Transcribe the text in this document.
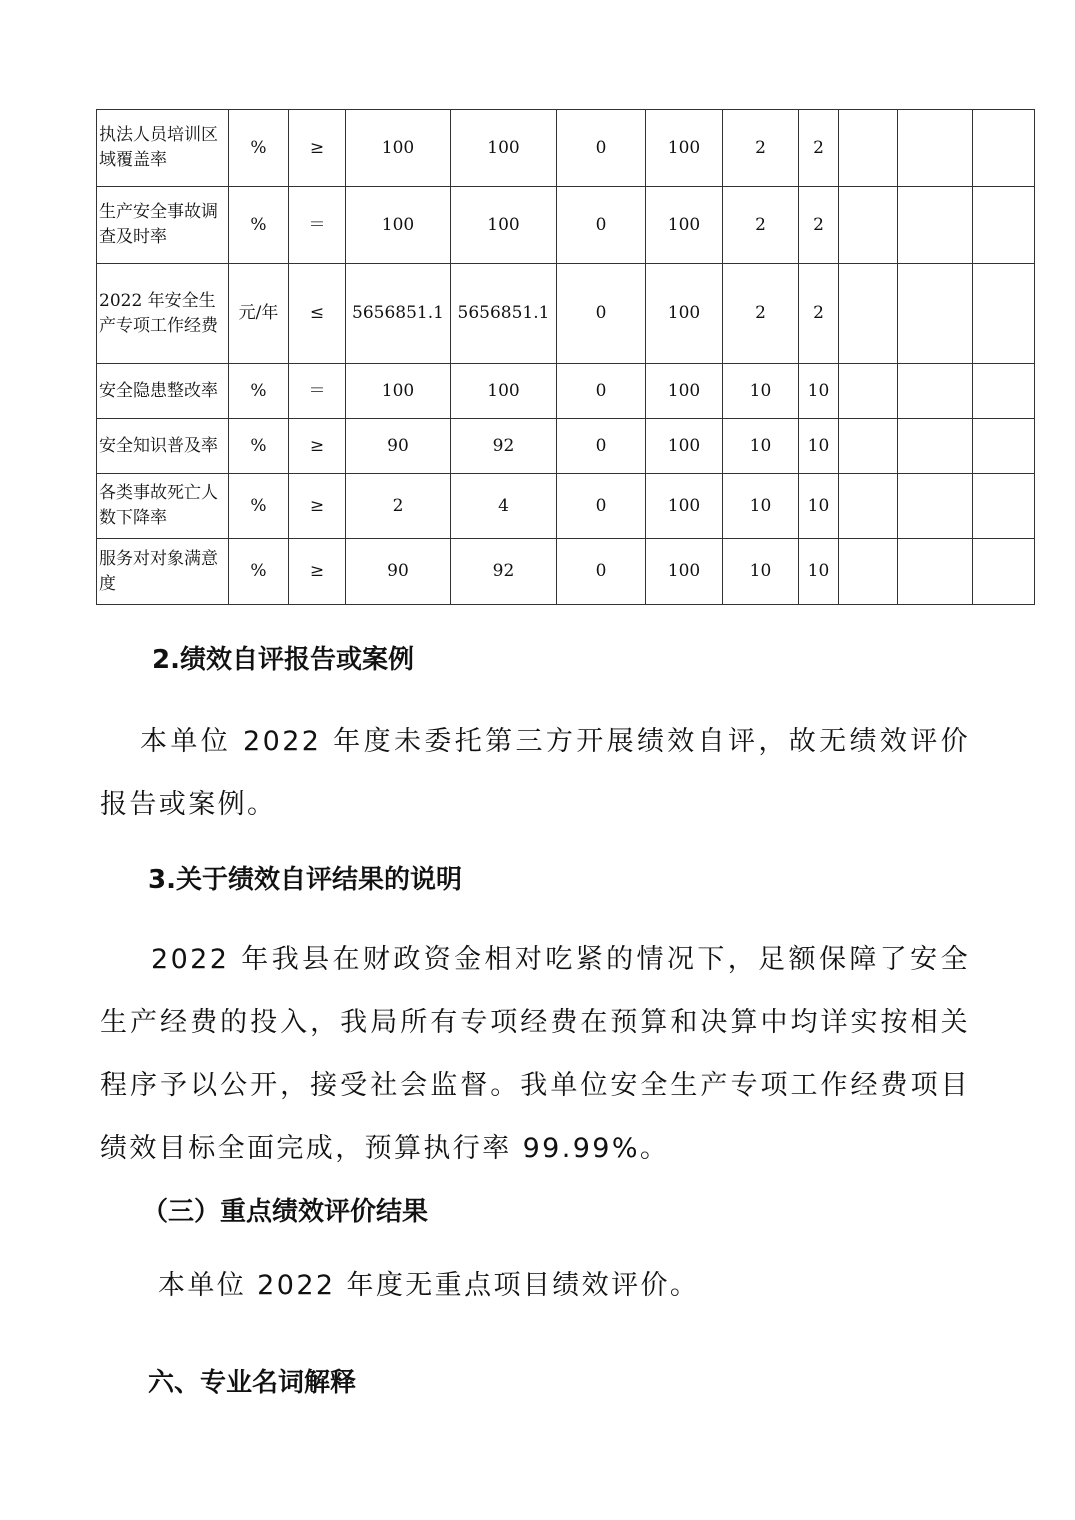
执法人员培训区域覆盖率	%	≥	100	100	0	100	2	2			
生产安全事故调查及时率	%	＝	100	100	0	100	2	2			
2022 年安全生产专项工作经费	元/年	≤	5656851.1	5656851.1	0	100	2	2			
安全隐患整改率	%	＝	100	100	0	100	10	10			
安全知识普及率	%	≥	90	92	0	100	10	10			
各类事故死亡人数下降率	%	≥	2	4	0	100	10	10			
服务对对象满意度	%	≥	90	92	0	100	10	10			
2.绩效自评报告或案例

本单位 2022 年度未委托第三方开展绩效自评，故无绩效评价报告或案例。

3.关于绩效自评结果的说明

2022 年我县在财政资金相对吃紧的情况下，足额保障了安全生产经费的投入，我局所有专项经费在预算和决算中均详实按相关程序予以公开，接受社会监督。我单位安全生产专项工作经费项目绩效目标全面完成，预算执行率 99.99%。

（三）重点绩效评价结果

本单位 2022 年度无重点项目绩效评价。

六、专业名词解释
